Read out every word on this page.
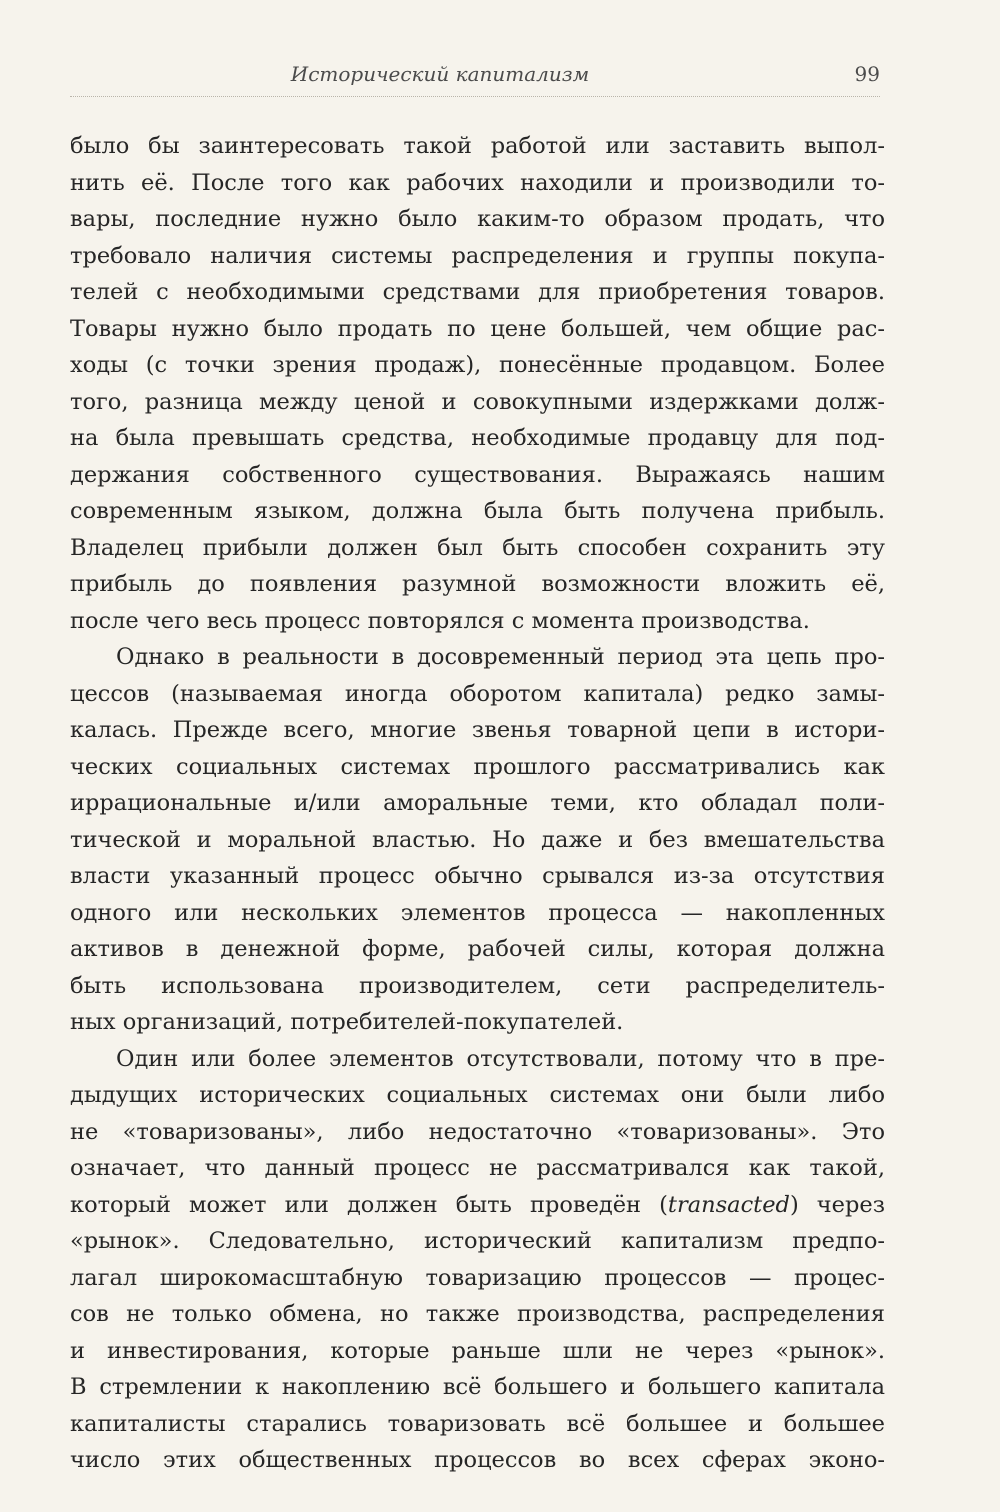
Исторический капитализм	99
было бы заинтересовать такой работой или заставить выпол-
нить её. После того как рабочих находили и производили то-
вары, последние нужно было каким-то образом продать, что
требовало наличия системы распределения и группы покупа-
телей с необходимыми средствами для приобретения товаров.
Товары нужно было продать по цене большей, чем общие рас-
ходы (с точки зрения продаж), понесённые продавцом. Более
того, разница между ценой и совокупными издержками долж-
на была превышать средства, необходимые продавцу для под-
держания собственного существования. Выражаясь нашим
современным языком, должна была быть получена прибыль.
Владелец прибыли должен был быть способен сохранить эту
прибыль до появления разумной возможности вложить её,
после чего весь процесс повторялся с момента производства.
Однако в реальности в досовременный период эта цепь про-
цессов (называемая иногда оборотом капитала) редко замы-
калась. Прежде всего, многие звенья товарной цепи в истори-
ческих социальных системах прошлого рассматривались как
иррациональные и/или аморальные теми, кто обладал поли-
тической и моральной властью. Но даже и без вмешательства
власти указанный процесс обычно срывался из-за отсутствия
одного или нескольких элементов процесса — накопленных
активов в денежной форме, рабочей силы, которая должна
быть использована производителем, сети распределитель-
ных организаций, потребителей-покупателей.
Один или более элементов отсутствовали, потому что в пре-
дыдущих исторических социальных системах они были либо
не «товаризованы», либо недостаточно «товаризованы». Это
означает, что данный процесс не рассматривался как такой,
который может или должен быть проведён (transacted) через
«рынок». Следовательно, исторический капитализм предпо-
лагал широкомасштабную товаризацию процессов — процес-
сов не только обмена, но также производства, распределения
и инвестирования, которые раньше шли не через «рынок».
В стремлении к накоплению всё большего и большего капитала
капиталисты старались товаризовать всё большее и большее
число этих общественных процессов во всех сферах эконо-
